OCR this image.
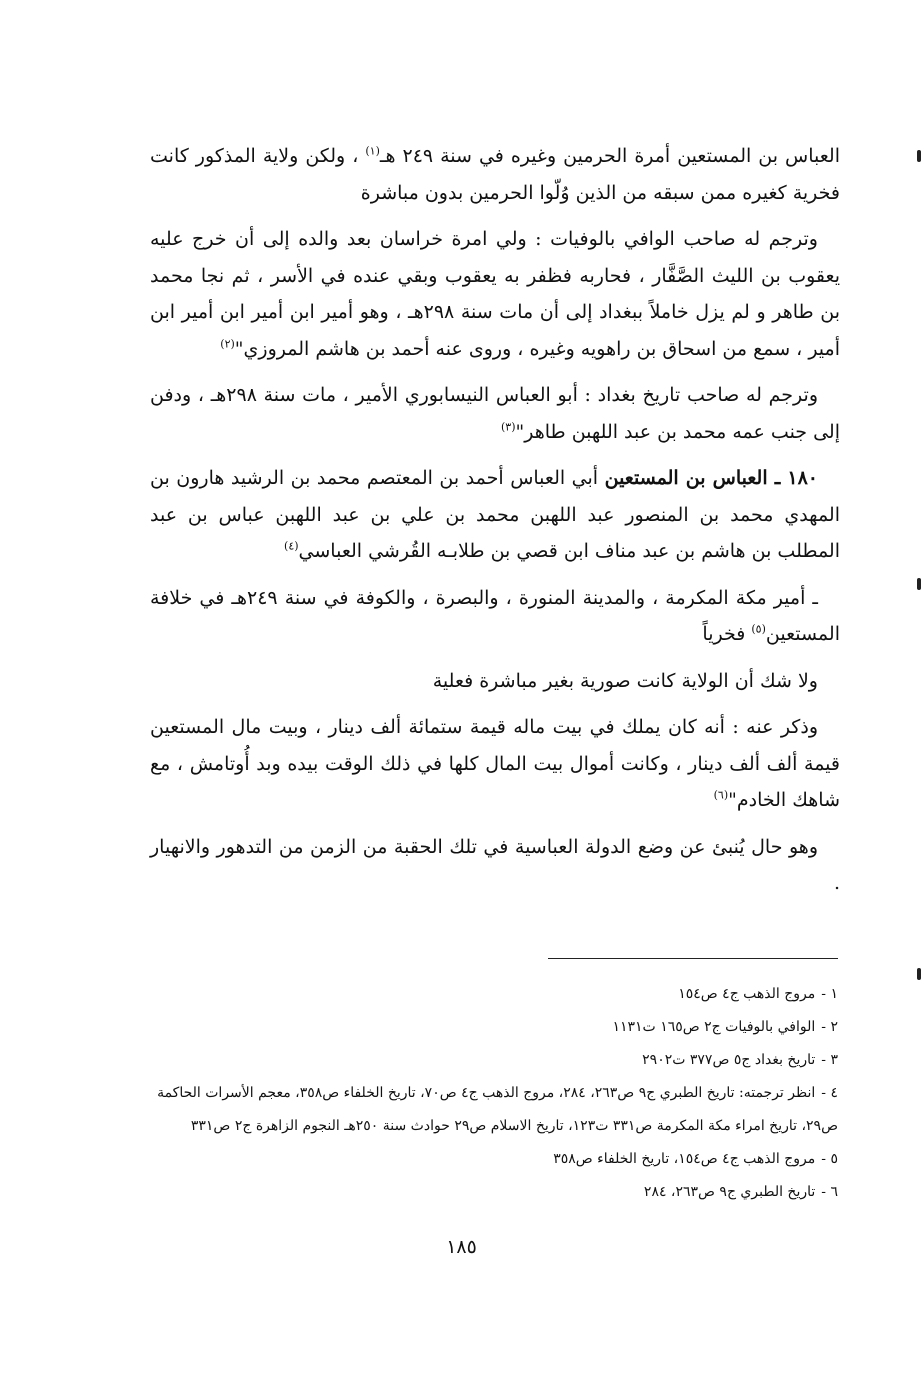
العباس بن المستعين أمرة الحرمين وغيره في سنة ٢٤٩ هـ$^{(١)}$ ، ولكن ولاية المذكور كانت فخرية كغيره ممن سبقه من الذين وُلّوا الحرمين بدون مباشرة

وترجم له صاحب الوافي بالوفيات : ولي امرة خراسان بعد والده إلى أن خرج عليه يعقوب بن الليث الصَّفَّار ، فحاربه فظفر به يعقوب وبقي عنده في الأسر ، ثم نجا محمد بن طاهر و لم يزل خاملاً ببغداد إلى أن مات سنة ٢٩٨هـ ، وهو أمير ابن أمير ابن أمير ابن أمير ، سمع من اسحاق بن راهويه وغيره ، وروى عنه أحمد بن هاشم المروزي"$^{(٢)}$

وترجم له صاحب تاريخ بغداد : أبو العباس النيسابوري الأمير ، مات سنة ٢٩٨هـ ، ودفن إلى جنب عمه محمد بن عبد اللهبن طاهر"$^{(٣)}$

١٨٠ ـ العباس بن المستعين أبي العباس أحمد بن المعتصم محمد بن الرشيد هارون بن المهدي محمد بن المنصور عبد اللهبن محمد بن علي بن عبد اللهبن عباس بن عبد المطلب بن هاشم بن عبد مناف ابن قصي بن طلابـه القُرشي العباسي$^{(٤)}$

ـ أمير مكة المكرمة ، والمدينة المنورة ، والبصرة ، والكوفة في سنة ٢٤٩هـ في خلافة المستعين$^{(٥)}$ فخرياً

ولا شك أن الولاية كانت صورية بغير مباشرة فعلية

وذكر عنه : أنه كان يملك في بيت ماله قيمة ستمائة ألف دينار ، وبيت مال المستعين قيمة ألف ألف دينار ، وكانت أموال بيت المال كلها في ذلك الوقت بيده وبد أُوتامش ، مع شاهك الخادم"$^{(٦)}$

وهو حال يُنبئ عن وضع الدولة العباسية في تلك الحقبة من الزمن من التدهور والانهيار .

١ -مروج الذهب ج٤ ص١٥٤
٢ -الوافي بالوفيات ج٢ ص١٦٥ ت١١٣١
٣ -تاريخ بغداد ج٥ ص٣٧٧ ت٢٩٠٢
٤ -انظر ترجمته: تاريخ الطبري ج٩ ص٢٦٣، ٢٨٤، مروج الذهب ج٤ ص٧٠، تاريخ الخلفاء ص٣٥٨، معجم الأسرات الحاكمة ص٢٩، تاريخ امراء مكة المكرمة ص٣٣١ ت١٢٣، تاريخ الاسلام ص٢٩ حوادث سنة ٢٥٠هـ النجوم الزاهرة ج٢ ص٣٣١
٥ -مروج الذهب ج٤ ص١٥٤، تاريخ الخلفاء ص٣٥٨
٦ -تاريخ الطبري ج٩ ص٢٦٣، ٢٨٤
١٨٥
